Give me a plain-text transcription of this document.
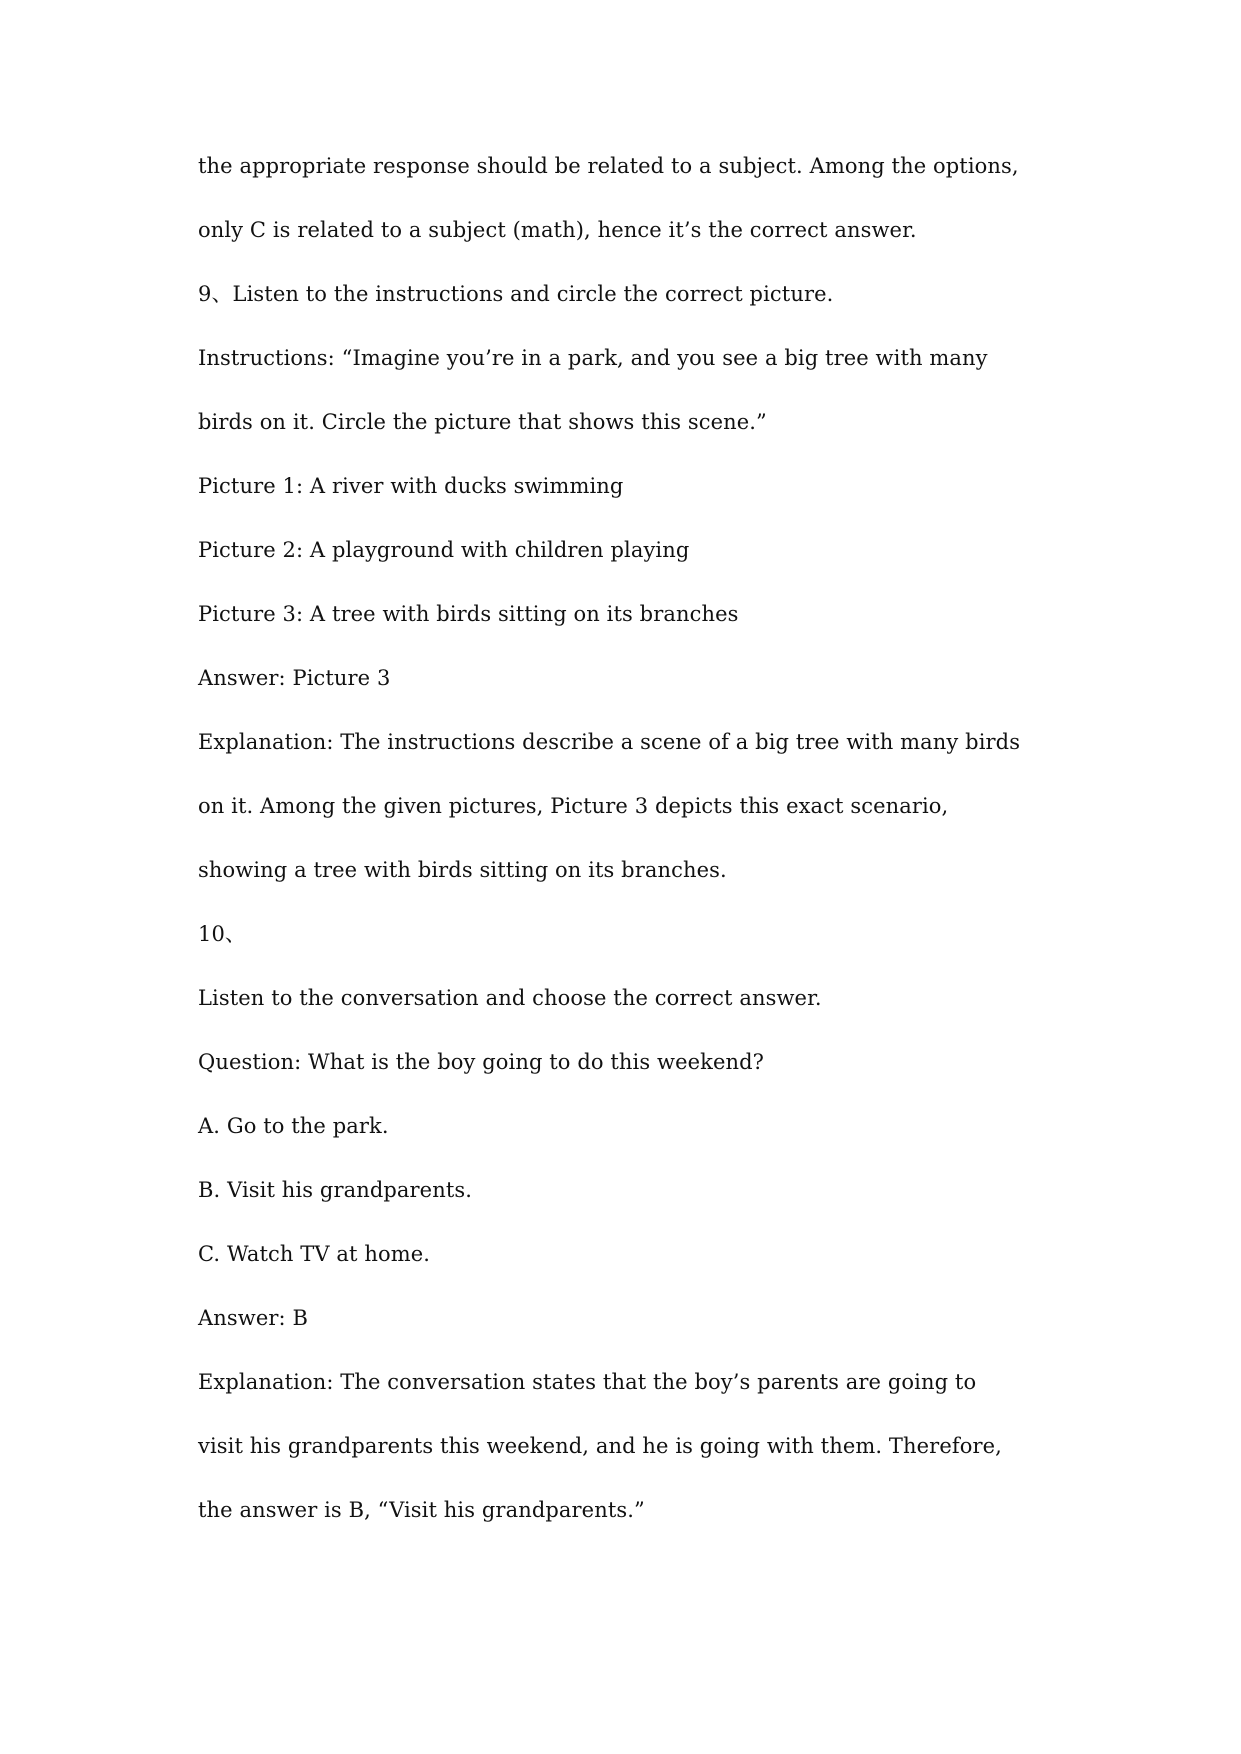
the appropriate response should be related to a subject. Among the options,
only C is related to a subject (math), hence it’s the correct answer.
9、Listen to the instructions and circle the correct picture.
Instructions: “Imagine you’re in a park, and you see a big tree with many
birds on it. Circle the picture that shows this scene.”
Picture 1: A river with ducks swimming
Picture 2: A playground with children playing
Picture 3: A tree with birds sitting on its branches
Answer: Picture 3
Explanation: The instructions describe a scene of a big tree with many birds
on it. Among the given pictures, Picture 3 depicts this exact scenario,
showing a tree with birds sitting on its branches.
10、
Listen to the conversation and choose the correct answer.
Question: What is the boy going to do this weekend?
A. Go to the park.
B. Visit his grandparents.
C. Watch TV at home.
Answer: B
Explanation: The conversation states that the boy’s parents are going to
visit his grandparents this weekend, and he is going with them. Therefore,
the answer is B, “Visit his grandparents.”
